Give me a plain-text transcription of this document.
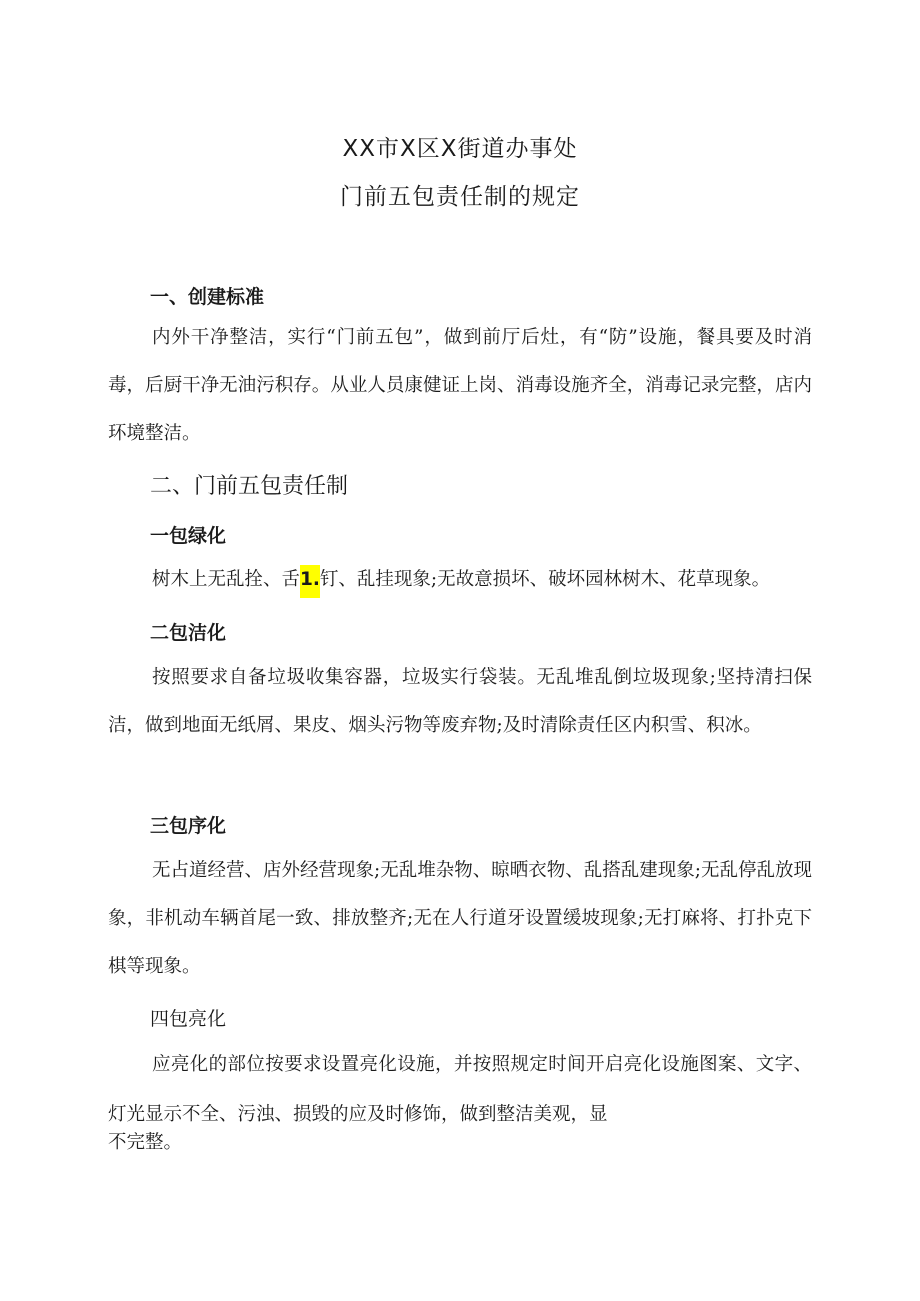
XX市X区X街道办事处
门前五包责任制的规定
一、创建标准

内外干净整洁，实行“门前五包”，做到前厅后灶，有“防”设施，餐具要及时消毒，后厨干净无油污积存。从业人员康健证上岗、消毒设施齐全，消毒记录完整，店内环境整洁。

二、门前五包责任制
一包绿化

树木上无乱拴、舌1.钉、乱挂现象;无故意损坏、破坏园林树木、花草现象。

二包洁化

按照要求自备垃圾收集容器，垃圾实行袋装。无乱堆乱倒垃圾现象;坚持清扫保洁，做到地面无纸屑、果皮、烟头污物等废弃物;及时清除责任区内积雪、积冰。

三包序化

无占道经营、店外经营现象;无乱堆杂物、晾晒衣物、乱搭乱建现象;无乱停乱放现象，非机动车辆首尾一致、排放整齐;无在人行道牙设置缓坡现象;无打麻将、打扑克下棋等现象。

四包亮化

应亮化的部位按要求设置亮化设施，并按照规定时间开启亮化设施图案、文字、灯光显示不全、污浊、损毁的应及时修饰，做到整洁美观，显

不完整。
